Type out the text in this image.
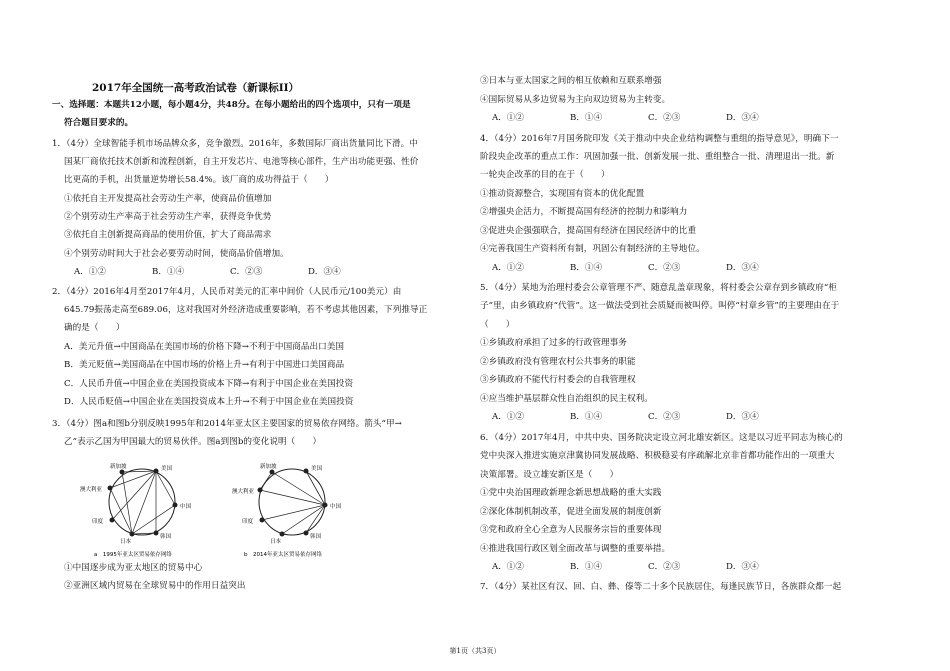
2017年全国统一高考政治试卷（新课标II）
一、选择题：本题共12小题，每小题4分，共48分。在每小题给出的四个选项中，只有一项是
符合题目要求的。
1．（4分）全球智能手机市场品牌众多，竞争激烈。2016年，多数国际厂商出货量同比下滑。中
国某厂商依托技术创新和流程创新，自主开发芯片、电池等核心部件，生产出功能更强、性价
比更高的手机，出货量逆势增长58.4%。该厂商的成功得益于（　　）
①依托自主开发提高社会劳动生产率，使商品价值增加
②个别劳动生产率高于社会劳动生产率，获得竞争优势
③依托自主创新提高商品的使用价值，扩大了商品需求
④个别劳动时间大于社会必要劳动时间，使商品价值增加。
A．①②	B．①④	C．②③	D．③④
2．（4分）2016年4月至2017年4月，人民币对美元的汇率中间价（人民币元/100美元）由
645.79振荡走高至689.06，这对我国对外经济造成重要影响，若不考虑其他因素，下列推导正
确的是（　　）
A．美元升值→中国商品在美国市场的价格下降→不利于中国商品出口美国
B．美元贬值→美国商品在中国市场的价格上升→有利于中国进口美国商品
C．人民币升值→中国企业在美国投资成本下降→有利于中国企业在美国投资
D．人民币贬值→中国企业在美国投资成本上升→不利于中国企业在美国投资
3．（4分）图a和图b分别反映1995年和2014年亚太区主要国家的贸易依存网络。箭头“甲→
乙”表示乙国为甲国最大的贸易伙伴。图a到图b的变化说明（　　）
新加坡	美国
澳大利亚
中国
印度
日本
韩国
a　1995年亚太区贸易依存网络
新加坡	美国
澳大利亚
中国
印度
日本
韩国
b　2014年亚太区贸易依存网络
①中国逐步成为亚太地区的贸易中心
②亚洲区域内贸易在全球贸易中的作用日益突出
③日本与亚太国家之间的相互依赖和互联系增强
④国际贸易从多边贸易为主向双边贸易为主转变。
A．①②	B．①④	C．②③	D．③④
4．（4分）2016年7月国务院印发《关于推动中央企业结构调整与重组的指导意见》，明确下一
阶段央企改革的重点工作：巩固加强一批、创新发展一批、重组整合一批、清理退出一批。新
一轮央企改革的目的在于（　　）
①推动资源整合，实现国有资本的优化配置
②增强央企活力，不断提高国有经济的控制力和影响力
③促进央企强强联合，提高国有经济在国民经济中的比重
④完善我国生产资料所有制，巩固公有制经济的主导地位。
A．①②	B．①④	C．②③	D．③④
5．（4分）某地为治理村委会公章管理不严、随意乱盖章现象，将村委会公章存到乡镇政府“柜
子”里，由乡镇政府“代管”。这一做法受到社会质疑而被叫停。叫停“村章乡管”的主要理由在于
（　　）
①乡镇政府承担了过多的行政管理事务
②乡镇政府没有管理农村公共事务的职能
③乡镇政府不能代行村委会的自我管理权
④应当维护基层群众性自治组织的民主权利。
A．①②	B．①④	C．②③	D．③④
6．（4分）2017年4月，中共中央、国务院决定设立河北雄安新区。这是以习近平同志为核心的
党中央深入推进实施京津冀协同发展战略、积极稳妥有序疏解北京非首都功能作出的一项重大
决策部署。设立雄安新区是（　　）
①党中央治国理政新理念新思想战略的重大实践
②深化体制机制改革，促进全面发展的制度创新
③党和政府全心全意为人民服务宗旨的重要体现
④推进我国行政区划全面改革与调整的重要举措。
A．①②	B．①④	C．②③	D．③④
7．（4分）某社区有汉、回、白、彝、傣等二十多个民族居住，每逢民族节日，各族群众都一起
第1页（共3页）
